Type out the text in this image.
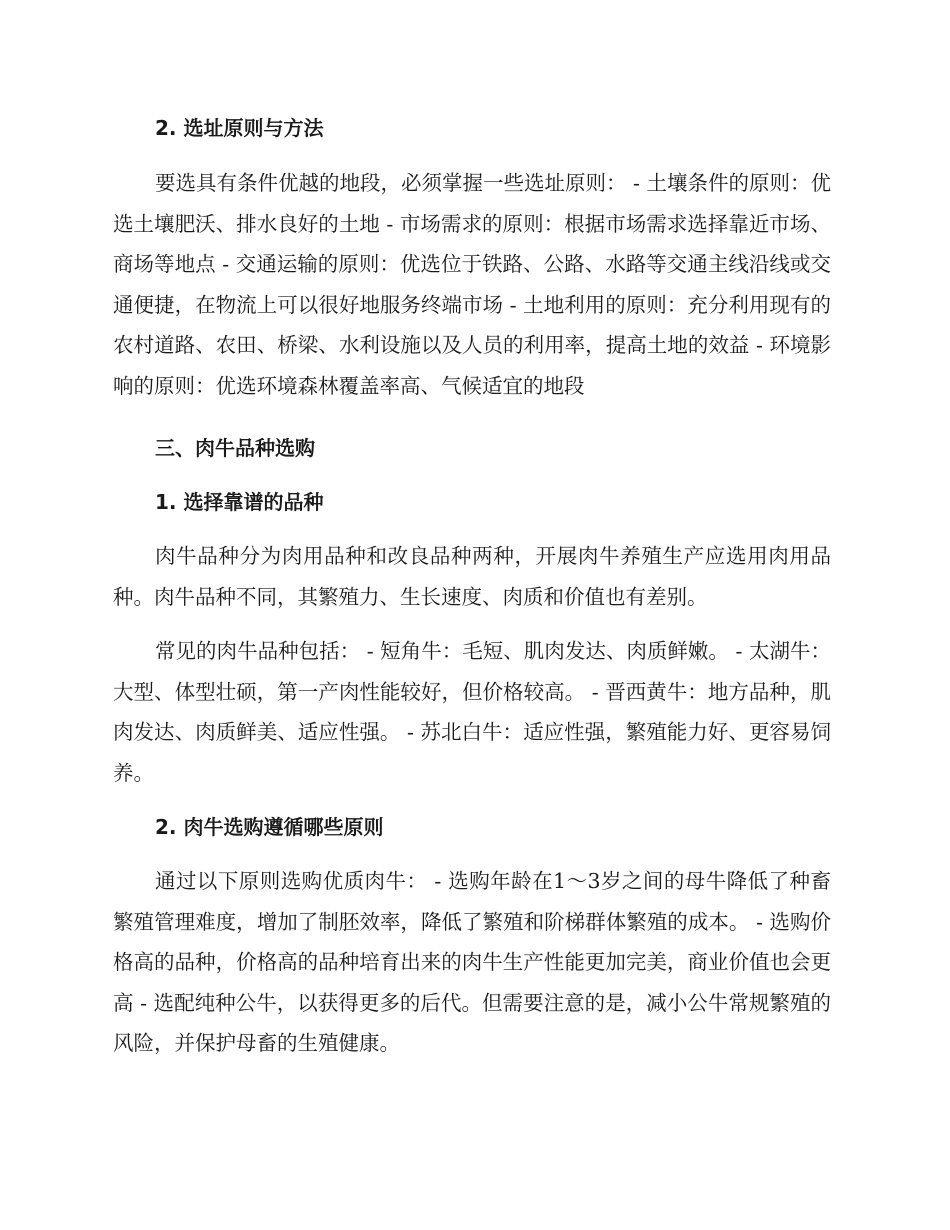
2. 选址原则与方法

要选具有条件优越的地段，必须掌握一些选址原则： - 土壤条件的原则：优选土壤肥沃、排水良好的土地 - 市场需求的原则：根据市场需求选择靠近市场、商场等地点 - 交通运输的原则：优选位于铁路、公路、水路等交通主线沿线或交通便捷，在物流上可以很好地服务终端市场 - 土地利用的原则：充分利用现有的农村道路、农田、桥梁、水利设施以及人员的利用率，提高土地的效益 - 环境影响的原则：优选环境森林覆盖率高、气候适宜的地段

三、肉牛品种选购
1. 选择靠谱的品种

肉牛品种分为肉用品种和改良品种两种，开展肉牛养殖生产应选用肉用品种。肉牛品种不同，其繁殖力、生长速度、肉质和价值也有差别。

常见的肉牛品种包括： - 短角牛：毛短、肌肉发达、肉质鲜嫩。 - 太湖牛：大型、体型壮硕，第一产肉性能较好，但价格较高。 - 晋西黄牛：地方品种，肌肉发达、肉质鲜美、适应性强。 - 苏北白牛：适应性强，繁殖能力好、更容易饲养。

2. 肉牛选购遵循哪些原则

通过以下原则选购优质肉牛： - 选购年龄在1～3岁之间的母牛降低了种畜繁殖管理难度，增加了制胚效率，降低了繁殖和阶梯群体繁殖的成本。 - 选购价格高的品种，价格高的品种培育出来的肉牛生产性能更加完美，商业价值也会更高 - 选配纯种公牛，以获得更多的后代。但需要注意的是，减小公牛常规繁殖的风险，并保护母畜的生殖健康。
